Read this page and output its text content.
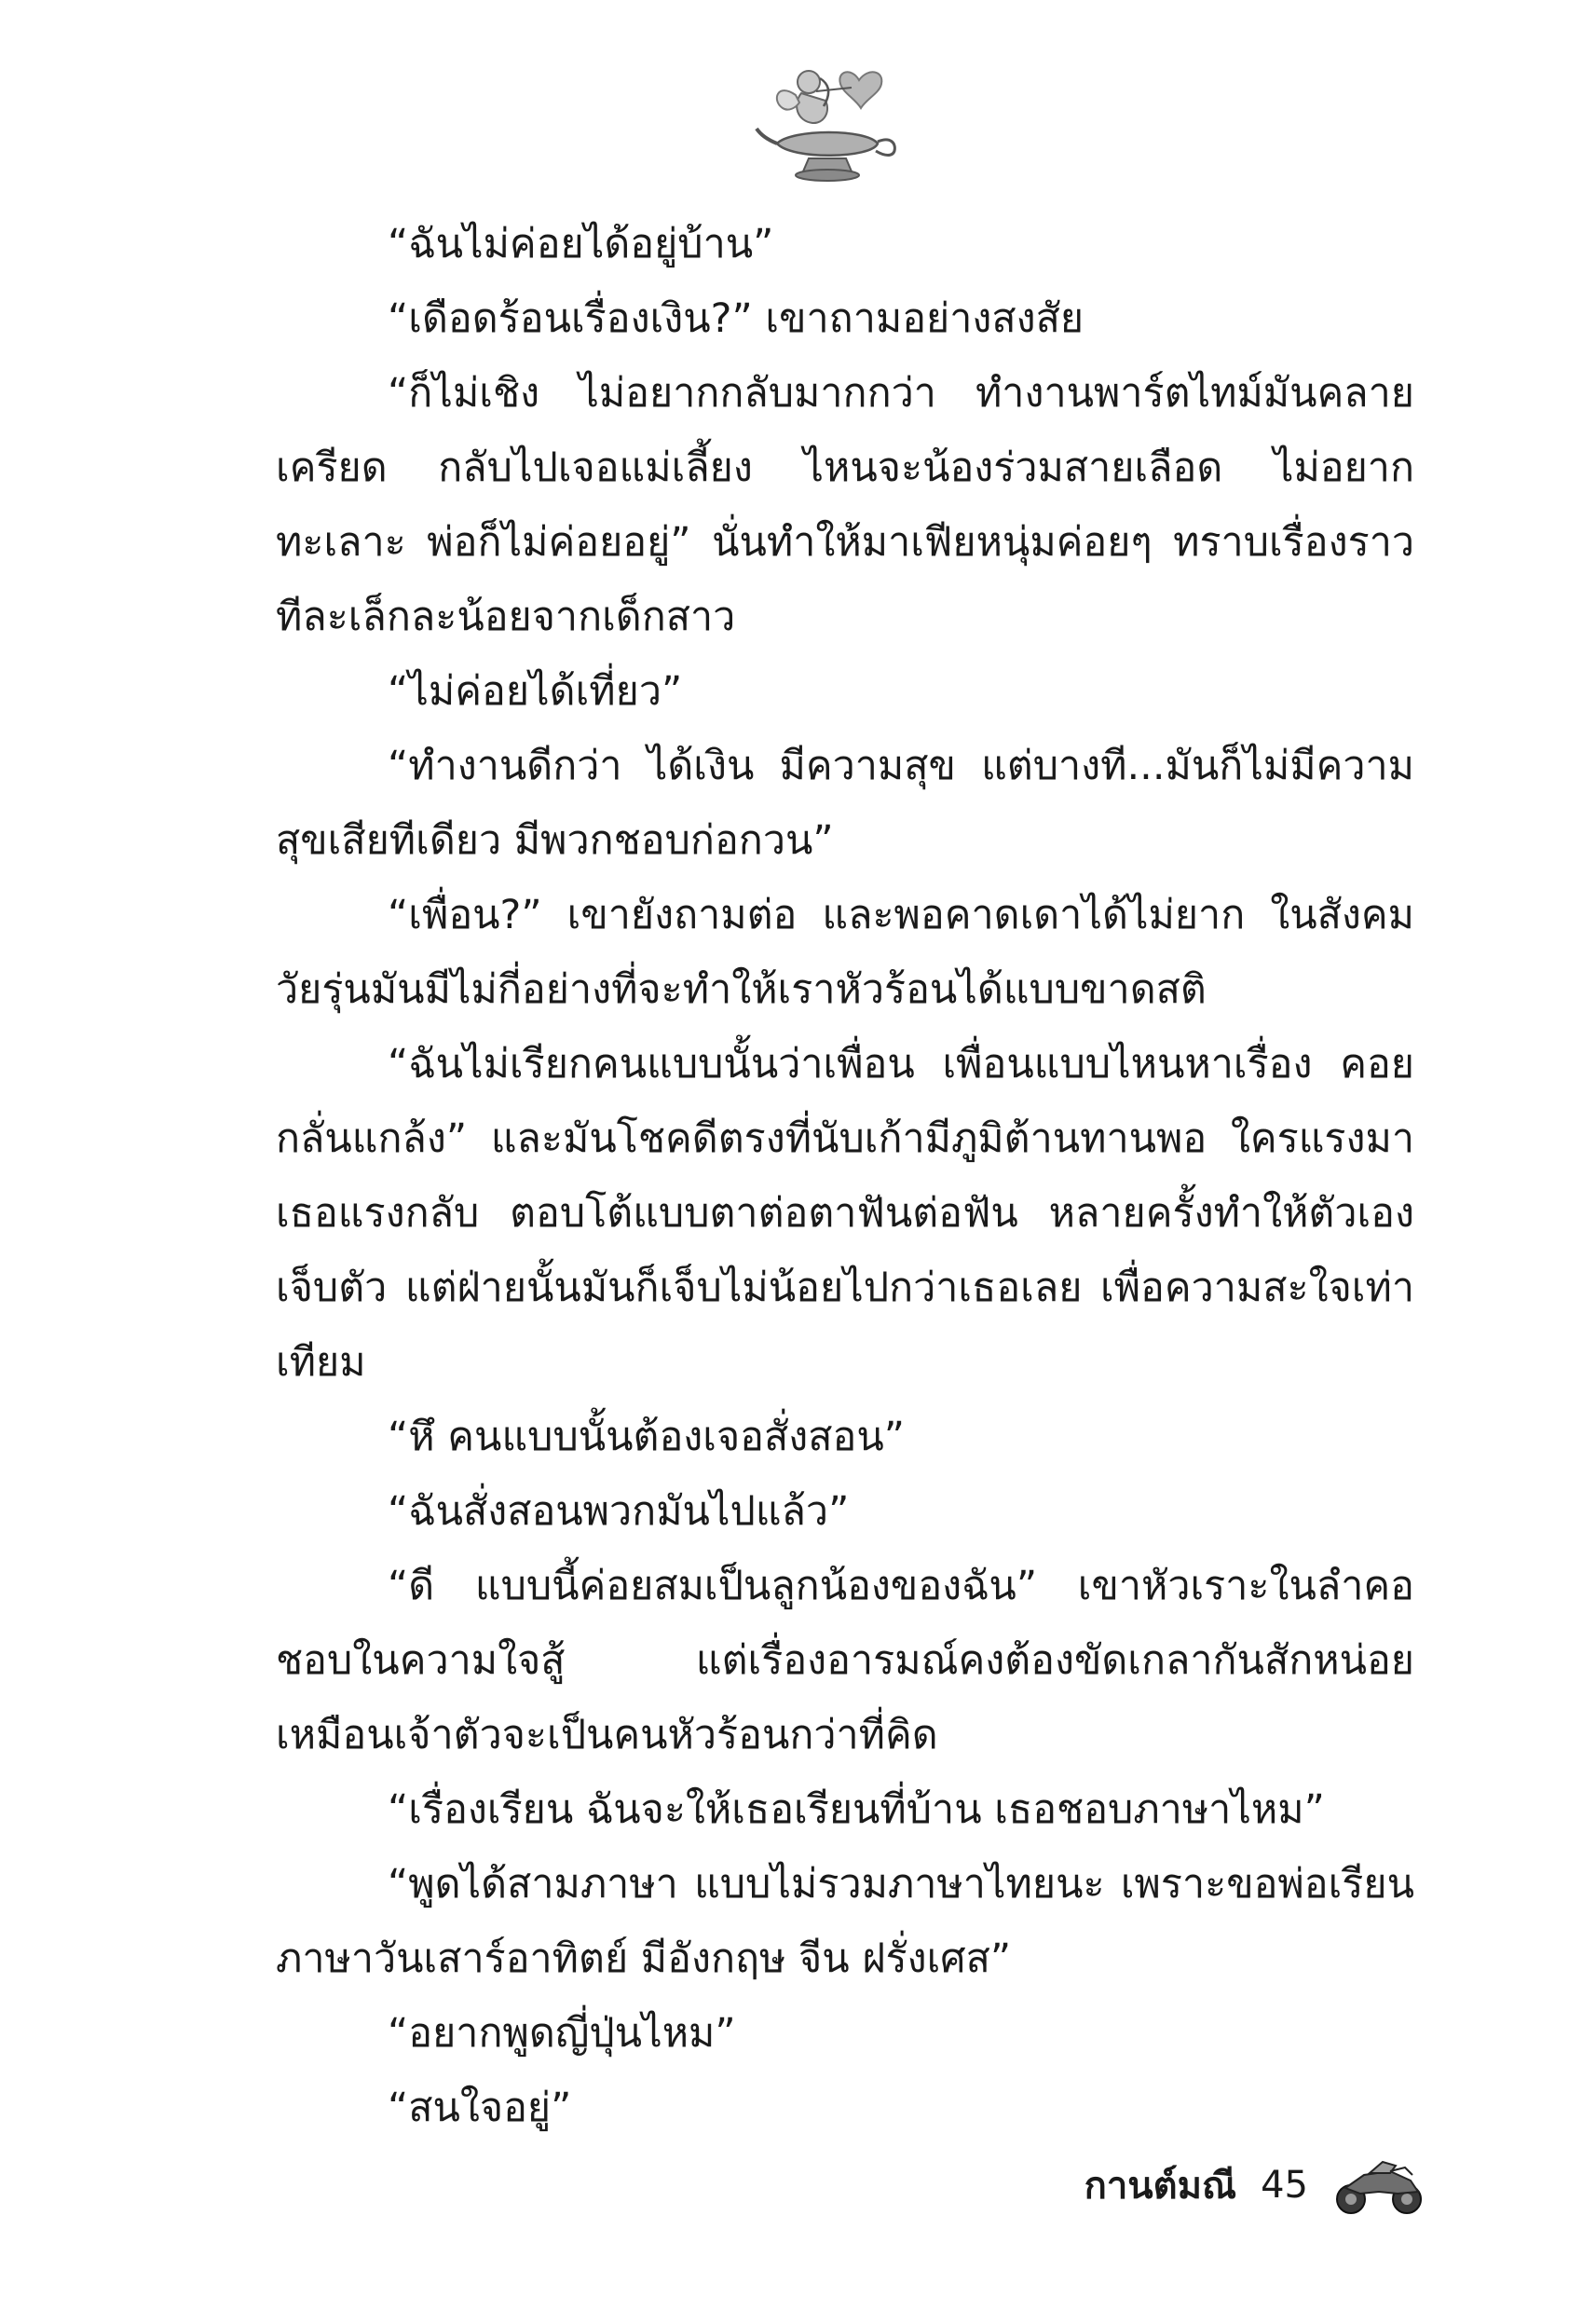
“ฉันไม่ค่อยได้อยู่บ้าน”

“เดือดร้อนเรื่องเงิน?” เขาถามอย่างสงสัย

“ก็ไม่เชิง ไม่อยากกลับมากกว่า ทำงานพาร์ตไทม์มันคลายเครียด กลับไปเจอแม่เลี้ยง ไหนจะน้องร่วมสายเลือด ไม่อยากทะเลาะ พ่อก็ไม่ค่อยอยู่” นั่นทำให้มาเฟียหนุ่มค่อยๆ ทราบเรื่องราวทีละเล็กละน้อยจากเด็กสาว

“ไม่ค่อยได้เที่ยว”

“ทำงานดีกว่า ได้เงิน มีความสุข แต่บางที...มันก็ไม่มีความสุขเสียทีเดียว มีพวกชอบก่อกวน”

“เพื่อน?” เขายังถามต่อ และพอคาดเดาได้ไม่ยาก ในสังคมวัยรุ่นมันมีไม่กี่อย่างที่จะทำให้เราหัวร้อนได้แบบขาดสติ

“ฉันไม่เรียกคนแบบนั้นว่าเพื่อน เพื่อนแบบไหนหาเรื่อง คอยกลั่นแกล้ง” และมันโชคดีตรงที่นับเก้ามีภูมิต้านทานพอ ใครแรงมาเธอแรงกลับ ตอบโต้แบบตาต่อตาฟันต่อฟัน หลายครั้งทำให้ตัวเองเจ็บตัว แต่ฝ่ายนั้นมันก็เจ็บไม่น้อยไปกว่าเธอเลย เพื่อความสะใจเท่าเทียม

“หึ คนแบบนั้นต้องเจอสั่งสอน”

“ฉันสั่งสอนพวกมันไปแล้ว”

“ดี แบบนี้ค่อยสมเป็นลูกน้องของฉัน” เขาหัวเราะในลำคอชอบในความใจสู้ แต่เรื่องอารมณ์คงต้องขัดเกลากันสักหน่อย เหมือนเจ้าตัวจะเป็นคนหัวร้อนกว่าที่คิด

“เรื่องเรียน ฉันจะให้เธอเรียนที่บ้าน เธอชอบภาษาไหม”

“พูดได้สามภาษา แบบไม่รวมภาษาไทยนะ เพราะขอพ่อเรียนภาษาวันเสาร์อาทิตย์ มีอังกฤษ จีน ฝรั่งเศส”

“อยากพูดญี่ปุ่นไหม”

“สนใจอยู่”

กานต์มณี 45
